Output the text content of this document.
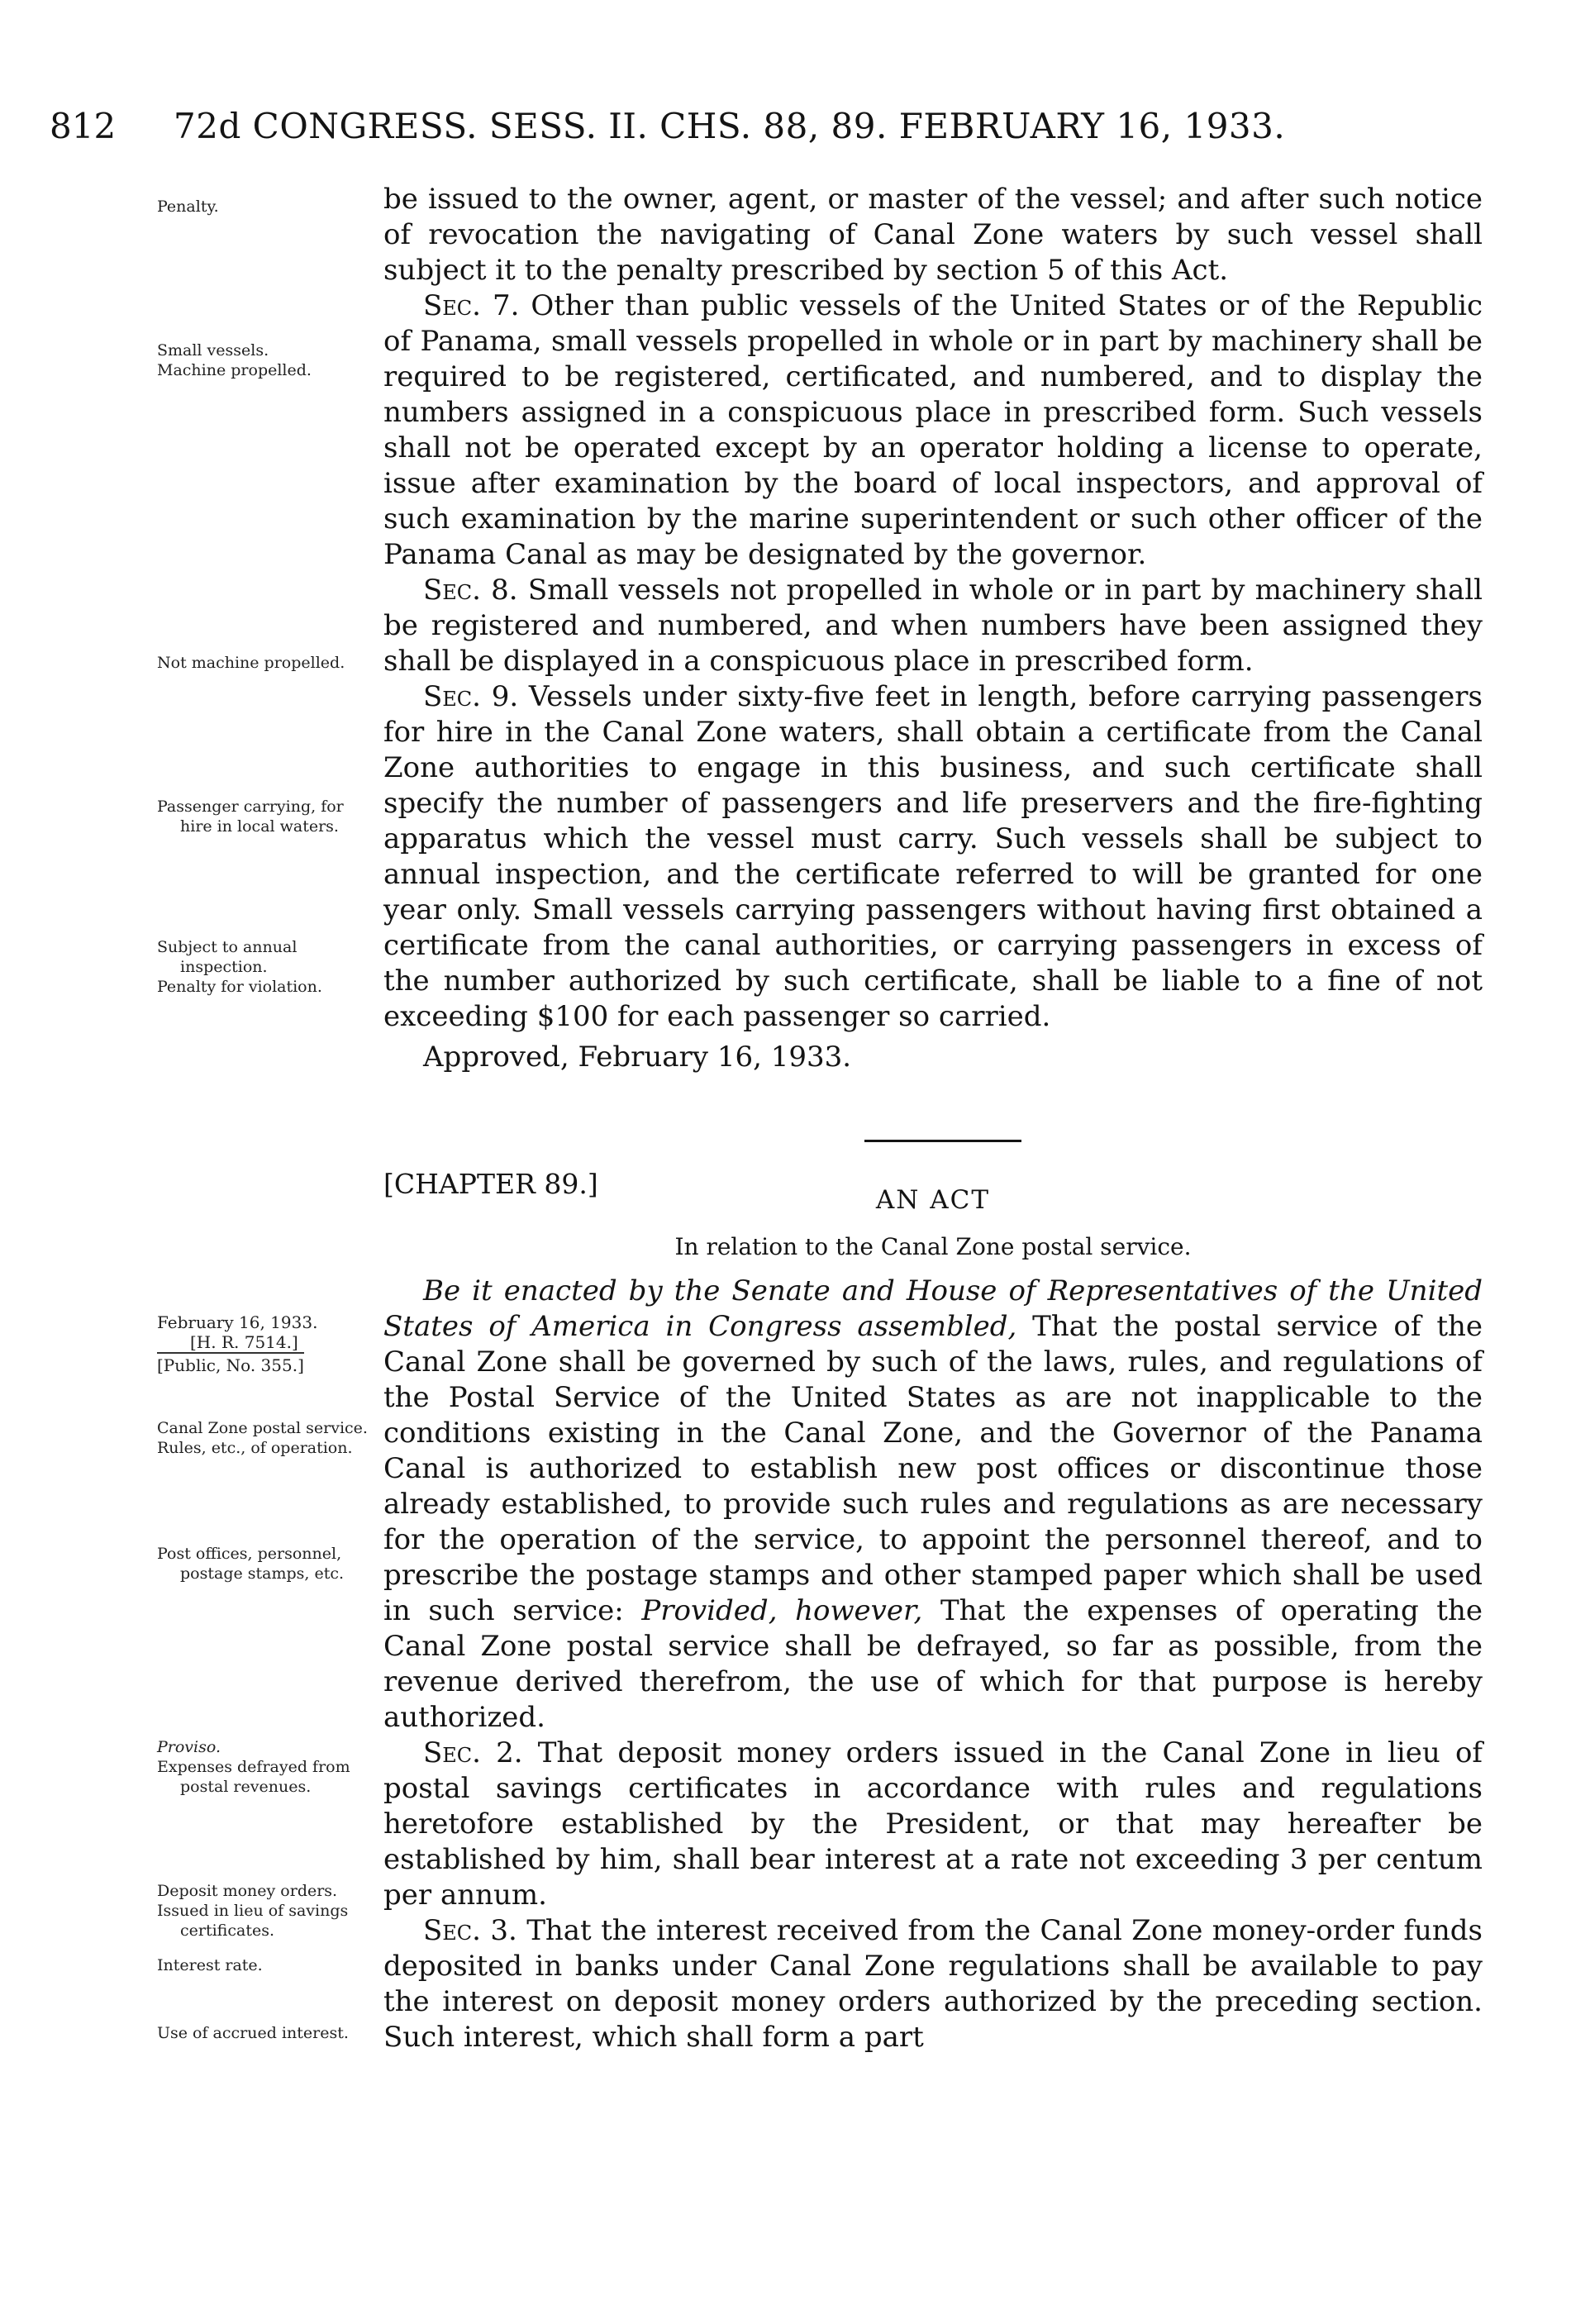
812 72d CONGRESS. SESS. II. CHS. 88, 89. FEBRUARY 16, 1933.
Penalty.
Small vessels.
Machine propelled.
Not machine propelled.
Passenger carrying, for hire in local waters.
Subject to annual inspection.
Penalty for violation.
February 16, 1933.
[H. R. 7514.]
[Public, No. 355.]
Canal Zone postal service.
Rules, etc., of operation.
Post offices, personnel, postage stamps, etc.
Proviso.
Expenses defrayed from postal revenues.
Deposit money orders.
Issued in lieu of savings certificates.
Interest rate.
Use of accrued interest.

be issued to the owner, agent, or master of the vessel; and after such notice of revocation the navigating of Canal Zone waters by such vessel shall subject it to the penalty prescribed by section 5 of this Act.

Sec. 7. Other than public vessels of the United States or of the Republic of Panama, small vessels propelled in whole or in part by machinery shall be required to be registered, certificated, and numbered, and to display the numbers assigned in a conspicuous place in prescribed form. Such vessels shall not be operated except by an operator holding a license to operate, issue after examination by the board of local inspectors, and approval of such examination by the marine superintendent or such other officer of the Panama Canal as may be designated by the governor.

Sec. 8. Small vessels not propelled in whole or in part by machinery shall be registered and numbered, and when numbers have been assigned they shall be displayed in a conspicuous place in prescribed form.

Sec. 9. Vessels under sixty-five feet in length, before carrying passengers for hire in the Canal Zone waters, shall obtain a certificate from the Canal Zone authorities to engage in this business, and such certificate shall specify the number of passengers and life preservers and the fire-fighting apparatus which the vessel must carry. Such vessels shall be subject to annual inspection, and the certificate referred to will be granted for one year only. Small vessels carrying passengers without having first obtained a certificate from the canal authorities, or carrying passengers in excess of the number authorized by such certificate, shall be liable to a fine of not exceeding $100 for each passenger so carried.

Approved, February 16, 1933.

[CHAPTER 89.]	AN ACT
In relation to the Canal Zone postal service.

Be it enacted by the Senate and House of Representatives of the United States of America in Congress assembled, That the postal service of the Canal Zone shall be governed by such of the laws, rules, and regulations of the Postal Service of the United States as are not inapplicable to the conditions existing in the Canal Zone, and the Governor of the Panama Canal is authorized to establish new post offices or discontinue those already established, to provide such rules and regulations as are necessary for the operation of the service, to appoint the personnel thereof, and to prescribe the postage stamps and other stamped paper which shall be used in such service: Provided, however, That the expenses of operating the Canal Zone postal service shall be defrayed, so far as possible, from the revenue derived therefrom, the use of which for that purpose is hereby authorized.

Sec. 2. That deposit money orders issued in the Canal Zone in lieu of postal savings certificates in accordance with rules and regulations heretofore established by the President, or that may hereafter be established by him, shall bear interest at a rate not exceeding 3 per centum per annum.

Sec. 3. That the interest received from the Canal Zone money-order funds deposited in banks under Canal Zone regulations shall be available to pay the interest on deposit money orders authorized by the preceding section. Such interest, which shall form a part
